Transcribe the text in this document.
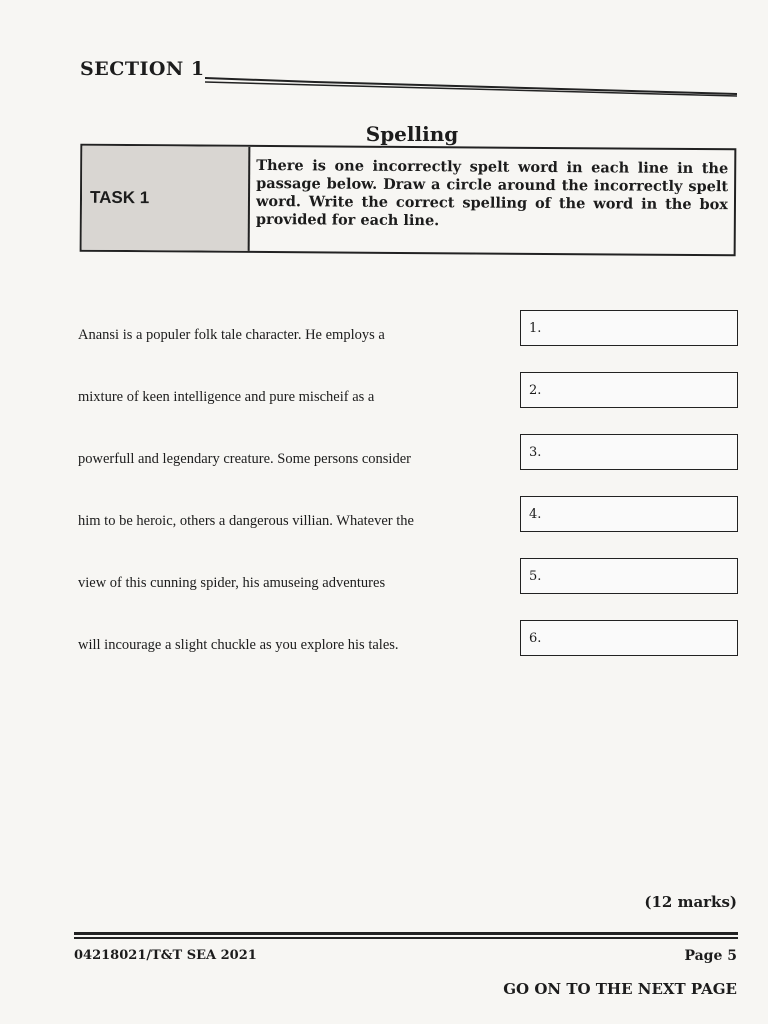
SECTION 1
Spelling
TASK 1
There is one incorrectly spelt word in each line in the passage below. Draw a circle around the incorrectly spelt word. Write the correct spelling of the word in the box provided for each line.
Anansi is a populer folk tale character. He employs a	1.
mixture of keen intelligence and pure mischeif as a	2.
powerfull and legendary creature. Some persons consider	3.
him to be heroic, others a dangerous villian. Whatever the	4.
view of this cunning spider, his amuseing adventures	5.
will incourage a slight chuckle as you explore his tales.	6.
(12 marks)
04218021/T&T SEA 2021	Page 5
GO ON TO THE NEXT PAGE
